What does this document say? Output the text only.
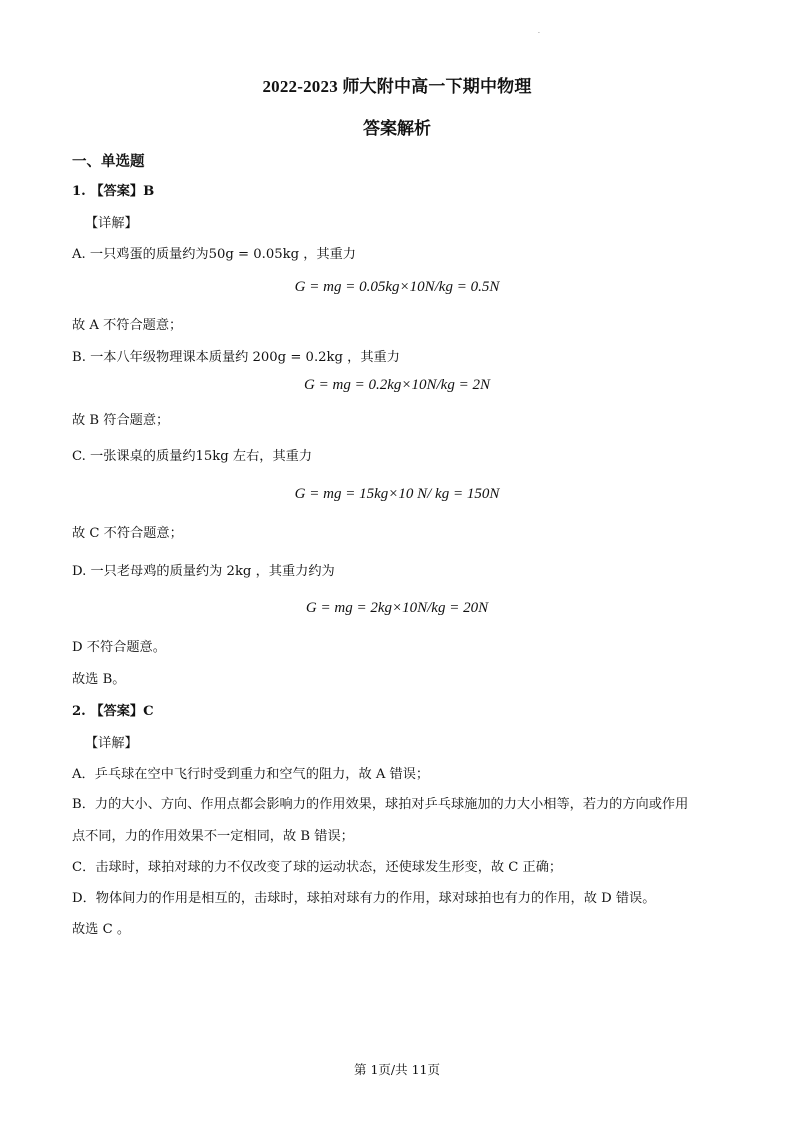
·
2022-2023 师大附中高一下期中物理
答案解析
一、单选题
1. 【答案】B
【详解】
A. 一只鸡蛋的质量约为50g = 0.05kg ，其重力
G = mg = 0.05kg×10N/kg = 0.5N
故 A 不符合题意；
B. 一本八年级物理课本质量约 200g = 0.2kg ，其重力
G = mg = 0.2kg×10N/kg = 2N
故 B 符合题意；
C. 一张课桌的质量约15kg 左右，其重力
G = mg = 15kg×10 N/ kg = 150N
故 C 不符合题意；
D. 一只老母鸡的质量约为 2kg ，其重力约为
G = mg = 2kg×10N/kg = 20N
D 不符合题意。
故选 B。
2. 【答案】C
【详解】
A．乒乓球在空中飞行时受到重力和空气的阻力，故 A 错误；
B．力的大小、方向、作用点都会影响力的作用效果，球拍对乒乓球施加的力大小相等，若力的方向或作用
点不同，力的作用效果不一定相同，故 B 错误；
C．击球时，球拍对球的力不仅改变了球的运动状态，还使球发生形变，故 C 正确；
D．物体间力的作用是相互的，击球时，球拍对球有力的作用，球对球拍也有力的作用，故 D 错误。
故选 C 。
第 1页/共 11页
